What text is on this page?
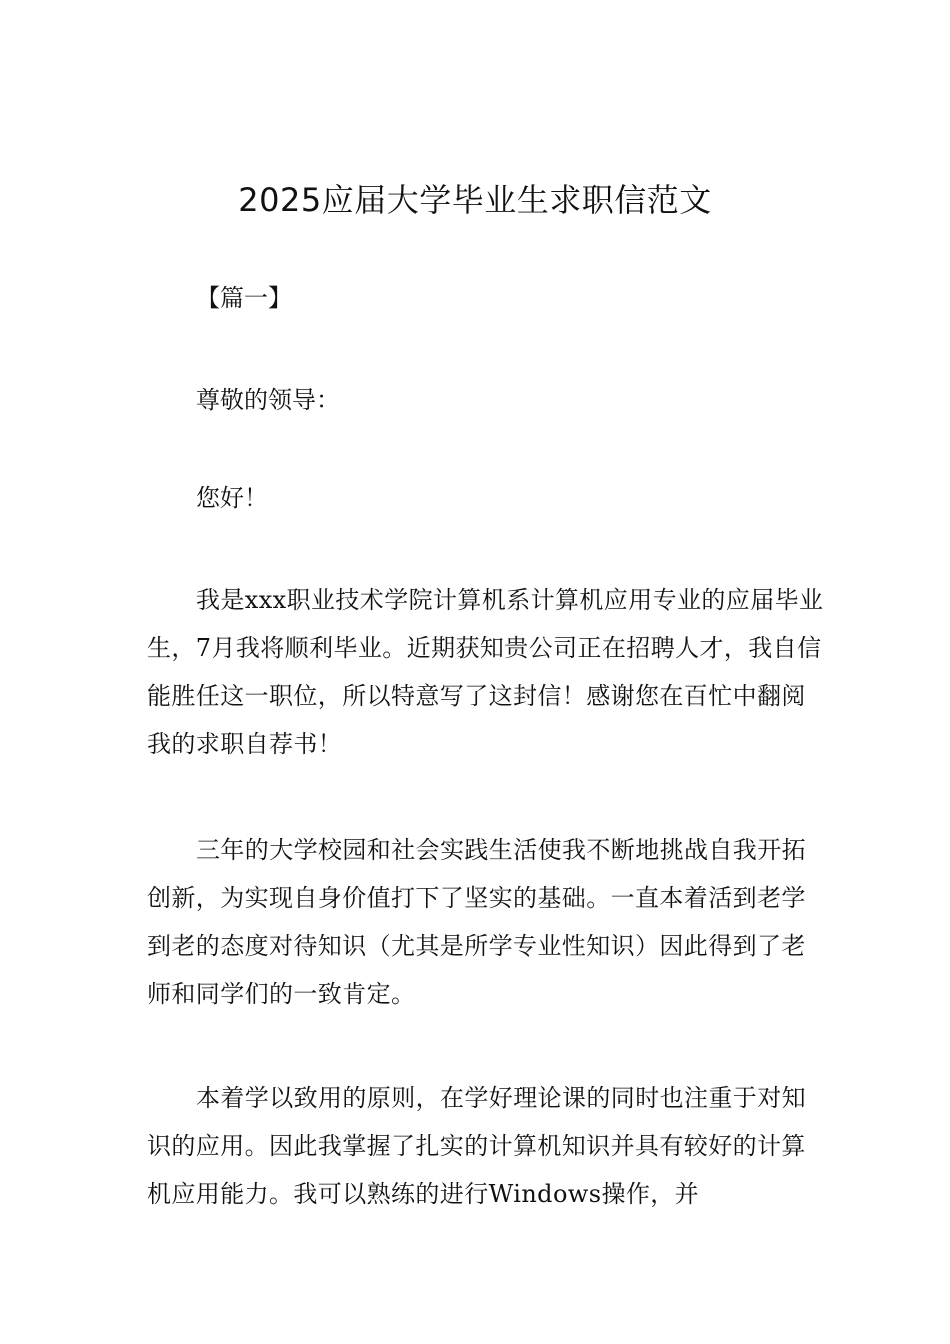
2025应届大学毕业生求职信范文

【篇一】

尊敬的领导：

您好！

我是xxx职业技术学院计算机系计算机应用专业的应届毕业生，7月我将顺利毕业。近期获知贵公司正在招聘人才，我自信能胜任这一职位，所以特意写了这封信！感谢您在百忙中翻阅我的求职自荐书！

三年的大学校园和社会实践生活使我不断地挑战自我开拓创新，为实现自身价值打下了坚实的基础。一直本着活到老学到老的态度对待知识（尤其是所学专业性知识）因此得到了老师和同学们的一致肯定。

本着学以致用的原则，在学好理论课的同时也注重于对知识的应用。因此我掌握了扎实的计算机知识并具有较好的计算机应用能力。我可以熟练的进行Windows操作，并
